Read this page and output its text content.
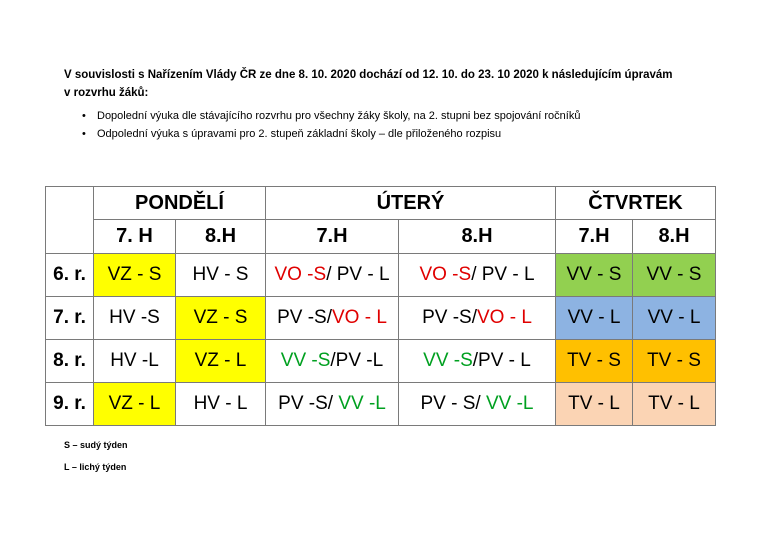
V souvislosti s Nařízením Vlády ČR ze dne 8. 10. 2020 dochází od 12. 10. do 23. 10 2020 k následujícím úpravám
v rozvrhu žáků:
• Dopolední výuka dle stávajícího rozvrhu pro všechny žáky školy, na 2. stupni bez spojování ročníků
• Odpolední výuka s úpravami pro 2. stupeň základní školy – dle přiloženého rozpisu
	PONDĚLÍ		ÚTERÝ		ČTVRTEK	
	7. H	8.H	7.H	8.H	7.H	8.H
6. r.	VZ - S	HV - S	VO -S/ PV - L	VO -S/ PV - L	VV - S	VV - S
7. r.	HV -S	VZ - S	PV -S/VO - L	PV -S/VO - L	VV - L	VV - L
8. r.	HV -L	VZ - L	VV -S/PV -L	VV -S/PV - L	TV - S	TV - S
9. r.	VZ - L	HV - L	PV -S/ VV -L	PV - S/ VV -L	TV - L	TV - L
S – sudý týden
L – lichý týden
